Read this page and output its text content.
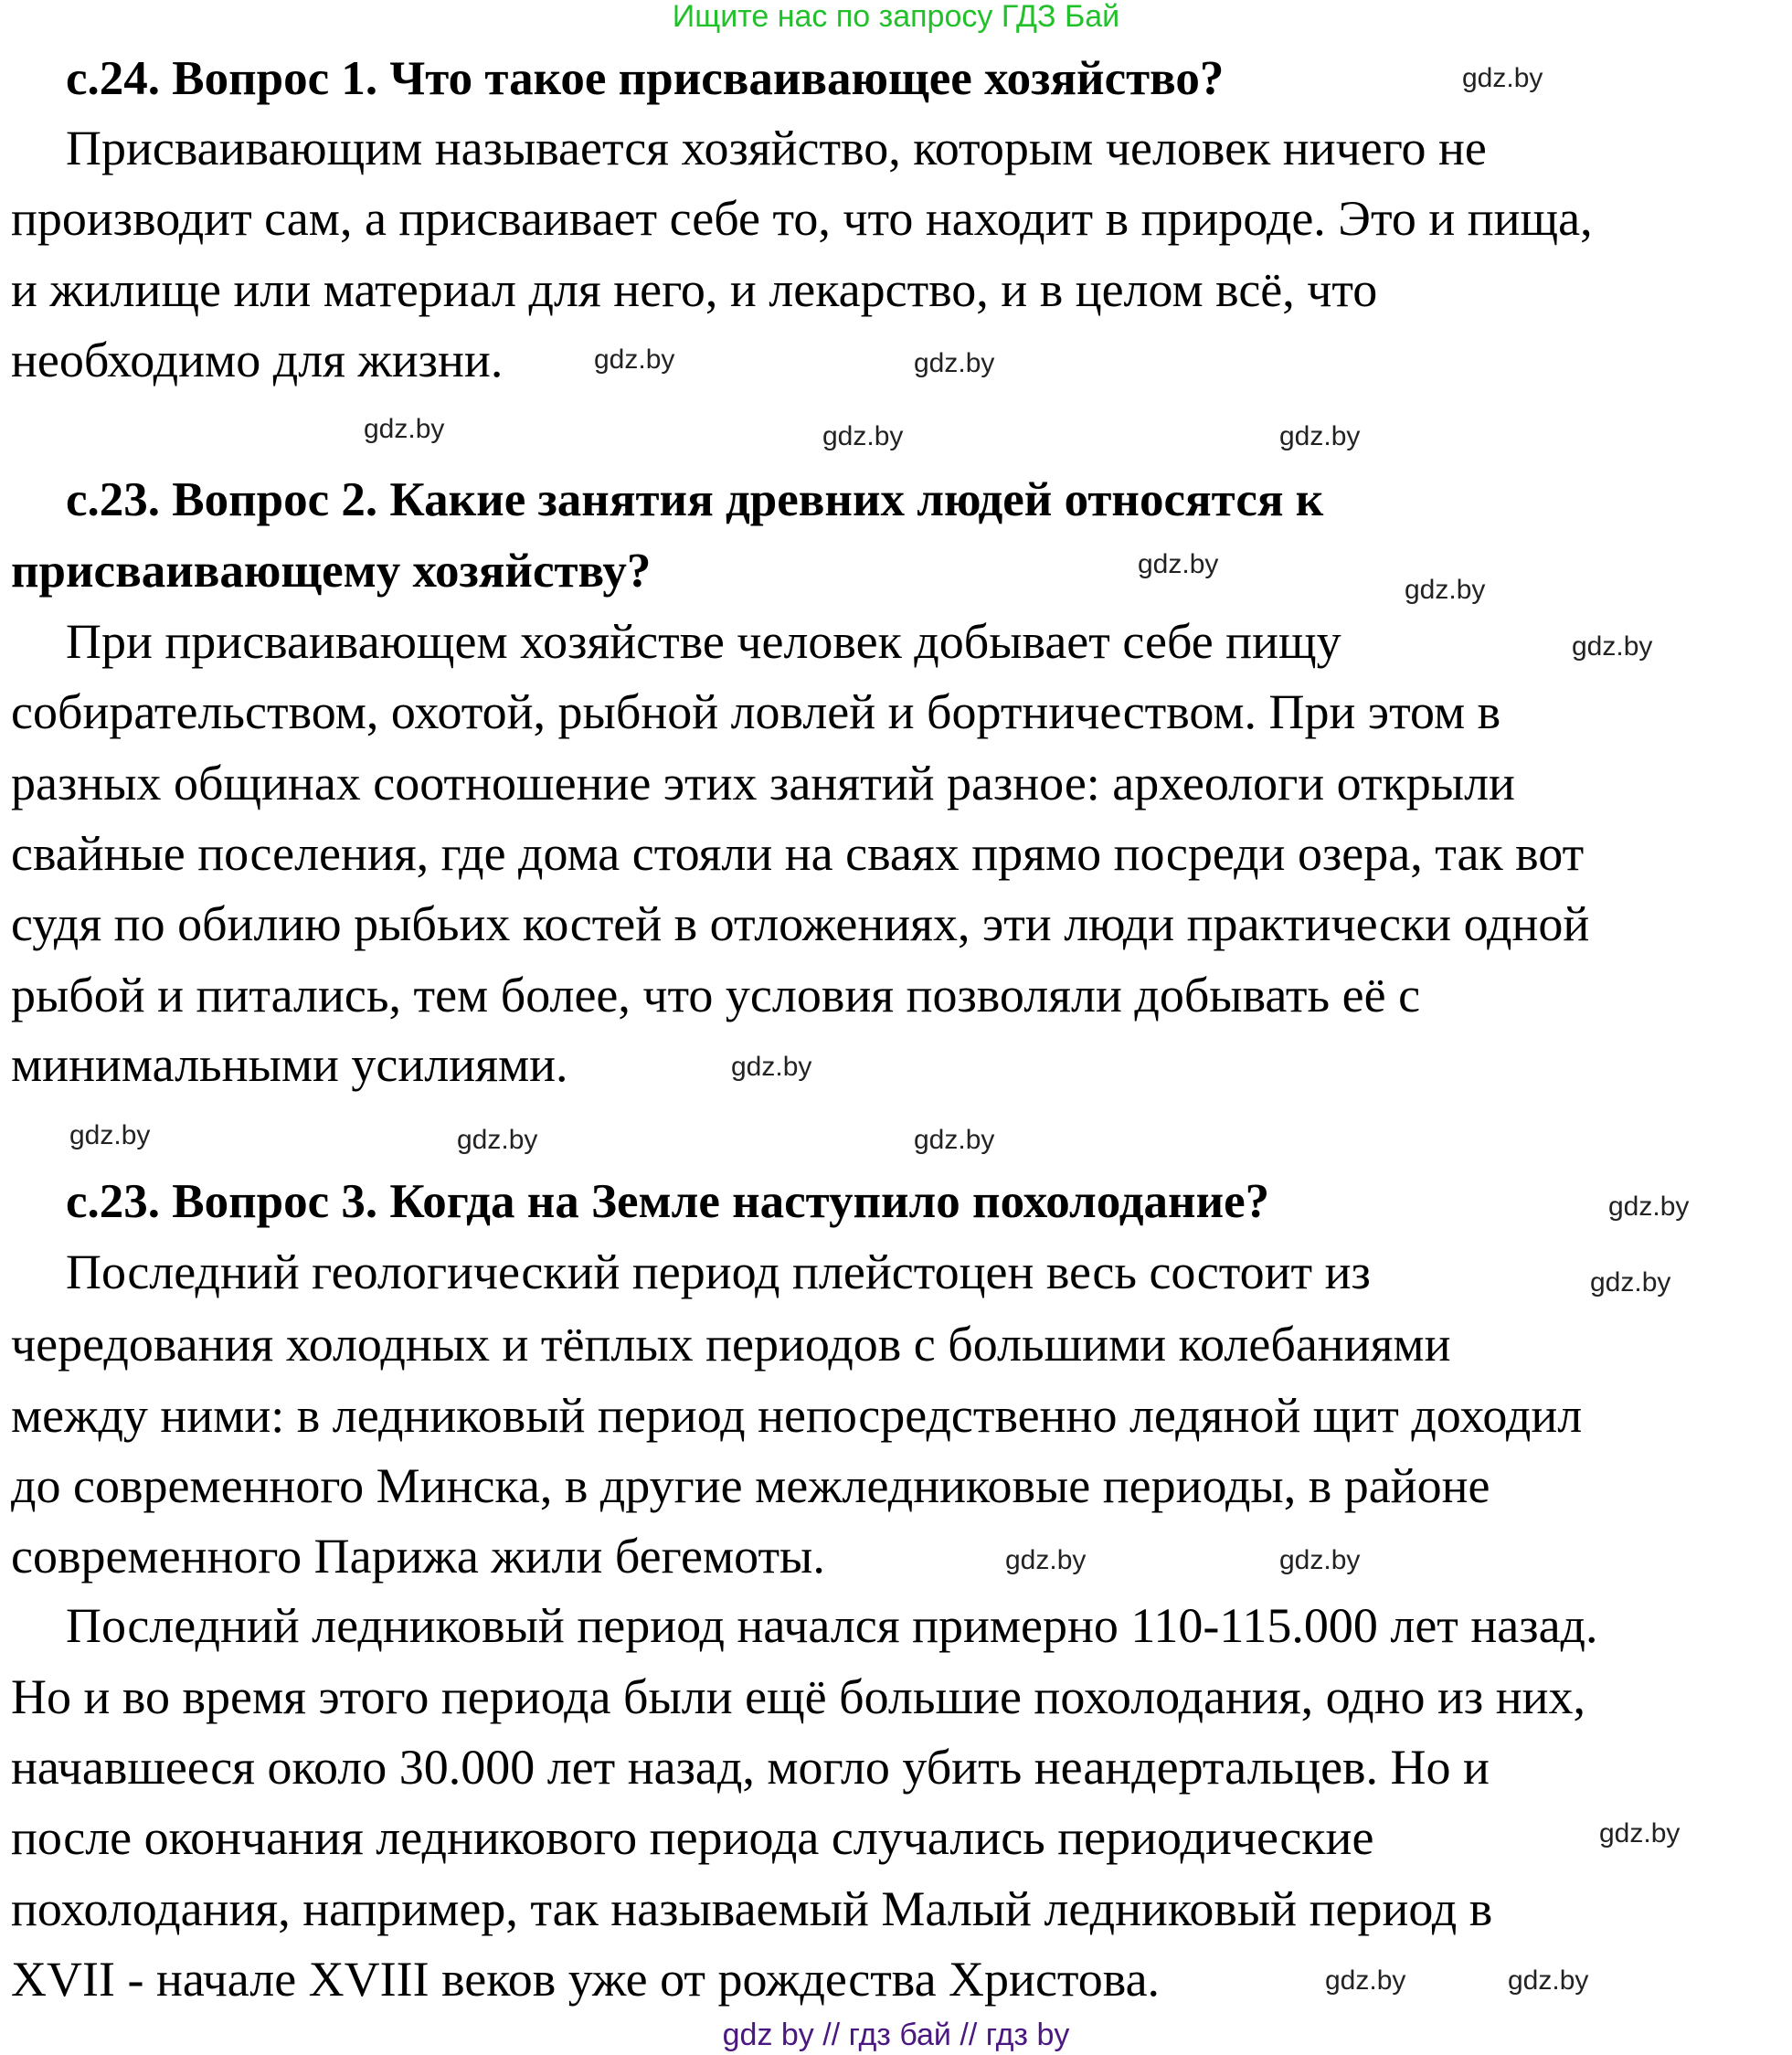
Ищите нас по запросу ГДЗ Бай
с.24. Вопрос 1. Что такое присваивающее хозяйство?
Присваивающим называется хозяйство, которым человек ничего не
производит сам, а присваивает себе то, что находит в природе. Это и пища,
и жилище или материал для него, и лекарство, и в целом всё, что
необходимо для жизни.
с.23. Вопрос 2. Какие занятия древних людей относятся к
присваивающему хозяйству?
При присваивающем хозяйстве человек добывает себе пищу
собирательством, охотой, рыбной ловлей и бортничеством. При этом в
разных общинах соотношение этих занятий разное: археологи открыли
свайные поселения, где дома стояли на сваях прямо посреди озера, так вот
судя по обилию рыбьих костей в отложениях, эти люди практически одной
рыбой и питались, тем более, что условия позволяли добывать её с
минимальными усилиями.
с.23. Вопрос 3. Когда на Земле наступило похолодание?
Последний геологический период плейстоцен весь состоит из
чередования холодных и тёплых периодов с большими колебаниями
между ними: в ледниковый период непосредственно ледяной щит доходил
до современного Минска, в другие межледниковые периоды, в районе
современного Парижа жили бегемоты.
Последний ледниковый период начался примерно 110-115.000 лет назад.
Но и во время этого периода были ещё большие похолодания, одно из них,
начавшееся около 30.000 лет назад, могло убить неандертальцев. Но и
после окончания ледникового периода случались периодические
похолодания, например, так называемый Малый ледниковый период в
XVII - начале XVIII веков уже от рождества Христова.
gdz.by
gdz.by	gdz.by
gdz.by	gdz.by	gdz.by
gdz.by
gdz.by
gdz.by
gdz.by
gdz.by	gdz.by	gdz.by
gdz.by
gdz.by
gdz.by	gdz.by
gdz.by
gdz.by	gdz.by
gdz by // гдз бай // гдз by
